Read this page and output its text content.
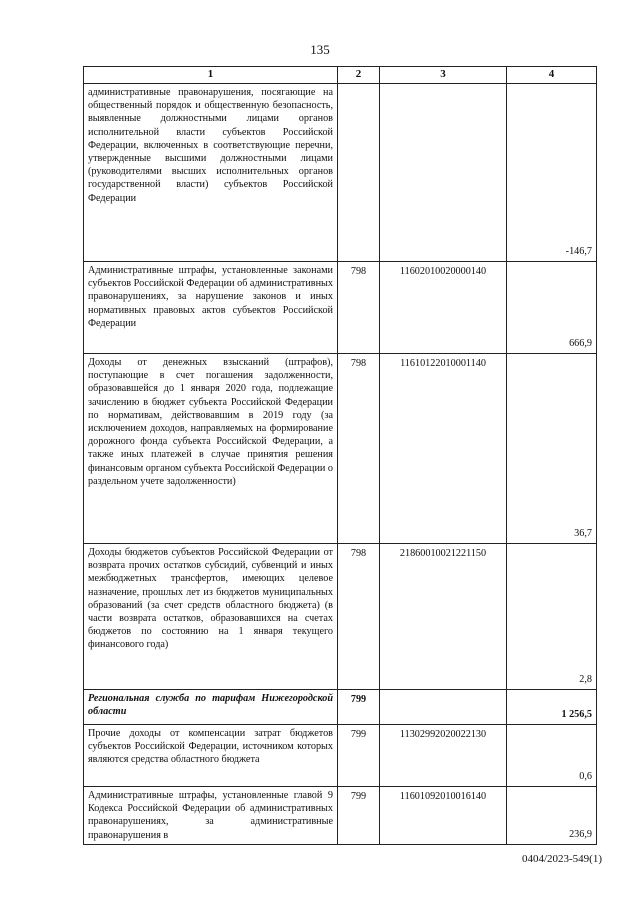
135
1	2	3	4
административные правонарушения, посягающие на общественный порядок и общественную безопасность, выявленные должностными лицами органов исполнительной власти субъектов Российской Федерации, включенных в соответствующие перечни, утвержденные высшими должностными лицами (руководителями высших исполнительных органов государственной власти) субъектов Российской Федерации			-146,7
Административные штрафы, установленные законами субъектов Российской Федерации об административных правонарушениях, за нарушение законов и иных нормативных правовых актов субъектов Российской Федерации	798	11602010020000140	666,9
Доходы от денежных взысканий (штрафов), поступающие в счет погашения задолженности, образовавшейся до 1 января 2020 года, подлежащие зачислению в бюджет субъекта Российской Федерации по нормативам, действовавшим в 2019 году (за исключением доходов, направляемых на формирование дорожного фонда субъекта Российской Федерации, а также иных платежей в случае принятия решения финансовым органом субъекта Российской Федерации о раздельном учете задолженности)	798	11610122010001140	36,7
Доходы бюджетов субъектов Российской Федерации от возврата прочих остатков субсидий, субвенций и иных межбюджетных трансфертов, имеющих целевое назначение, прошлых лет из бюджетов муниципальных образований (за счет средств областного бюджета) (в части возврата остатков, образовавшихся на счетах бюджетов по состоянию на 1 января текущего финансового года)	798	21860010021221150	2,8
Региональная служба по тарифам Нижегородской области	799		1 256,5
Прочие доходы от компенсации затрат бюджетов субъектов Российской Федерации, источником которых являются средства областного бюджета	799	11302992020022130	0,6
Административные штрафы, установленные главой 9 Кодекса Российской Федерации об административных правонарушениях, за административные правонарушения в	799	11601092010016140	236,9
0404/2023-549(1)
